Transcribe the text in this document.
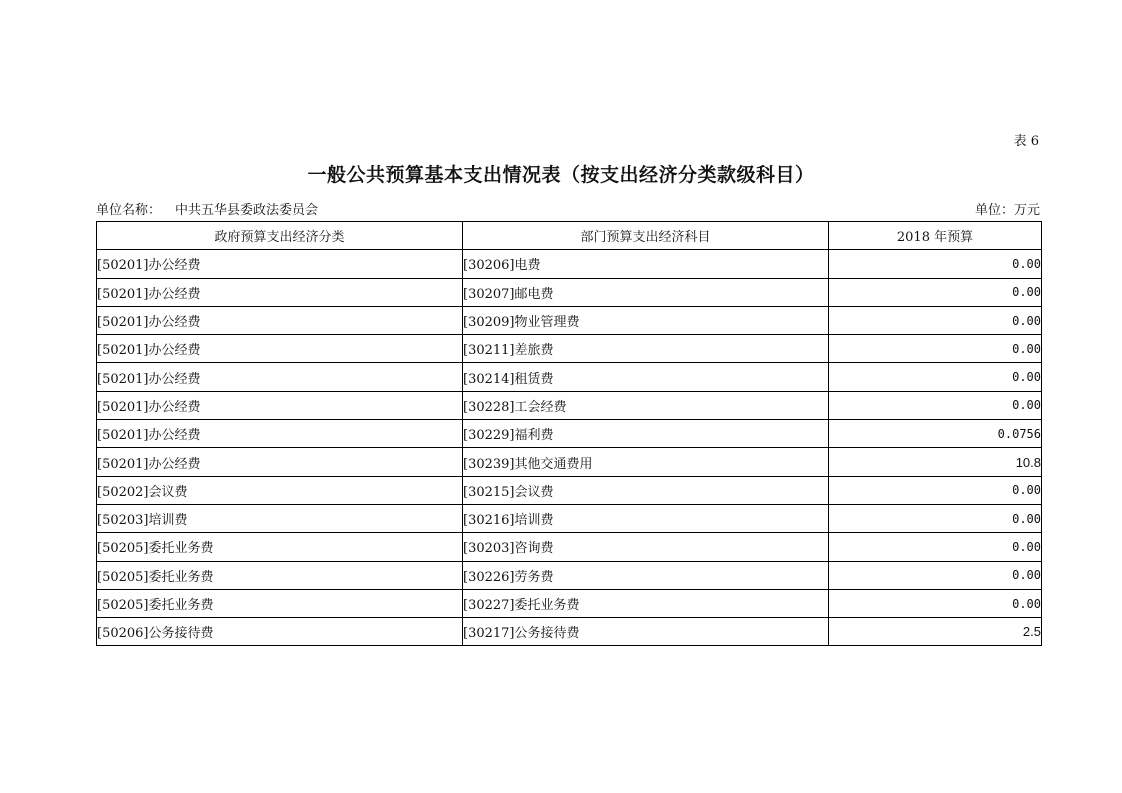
表 6
一般公共预算基本支出情况表（按支出经济分类款级科目）
单位名称： 中共五华县委政法委员会	单位：万元
政府预算支出经济分类	部门预算支出经济科目	2018 年预算
[50201]办公经费	[30206]电费	0.00
[50201]办公经费	[30207]邮电费	0.00
[50201]办公经费	[30209]物业管理费	0.00
[50201]办公经费	[30211]差旅费	0.00
[50201]办公经费	[30214]租赁费	0.00
[50201]办公经费	[30228]工会经费	0.00
[50201]办公经费	[30229]福利费	0.0756
[50201]办公经费	[30239]其他交通费用	10.8
[50202]会议费	[30215]会议费	0.00
[50203]培训费	[30216]培训费	0.00
[50205]委托业务费	[30203]咨询费	0.00
[50205]委托业务费	[30226]劳务费	0.00
[50205]委托业务费	[30227]委托业务费	0.00
[50206]公务接待费	[30217]公务接待费	2.5
